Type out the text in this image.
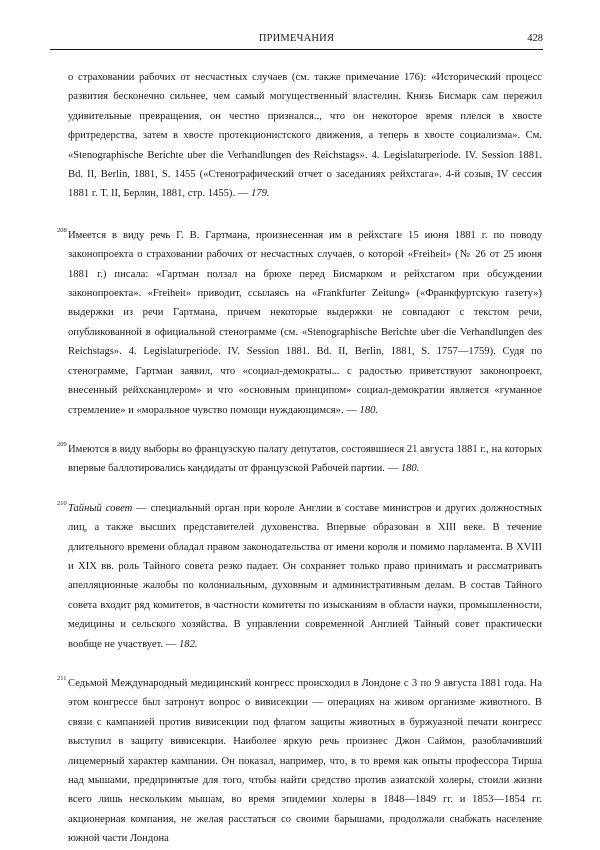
ПРИМЕЧАНИЯ	428

о страховании рабочих от несчастных случаев (см. также примечание 176): «Исторический процесс развития бесконечно сильнее, чем самый могущественный властелин. Князь Бисмарк сам пережил удивительные превращения, он честно признался.., что он некоторое время плелся в хвосте фритредерства, затем в хвосте протекционистского движения, а теперь в хвосте социализма». См. «Stenographische Berichte uber die Verhandlungen des Reichstags». 4. Legislaturperiode. IV. Session 1881. Bd. II, Berlin, 1881, S. 1455 («Стенографический отчет о заседаниях рейхстага». 4-й созыв, IV сессия 1881 г. Т. II, Берлин, 1881, стр. 1455). — 179.

208 Имеется в виду речь Г. В. Гартмана, произнесенная им в рейхстаге 15 июня 1881 г. по поводу законопроекта о страховании рабочих от несчастных случаев, о которой «Freiheit» (№ 26 от 25 июня 1881 г.) писала: «Гартман ползал на брюхе перед Бисмарком и рейхстагом при обсуждении законопроекта». «Freiheit» приводит, ссылаясь на «Frankfurter Zeitung» («Франкфуртскую газету») выдержки из речи Гартмана, причем некоторые выдержки не совпадают с текстом речи, опубликованной в официальной стенограмме (см. «Stenographische Berichte uber die Verhandlungen des Reichstags». 4. Legislaturperiode. IV. Session 1881. Bd. II, Berlin, 1881, S. 1757—1759). Судя по стенограмме, Гартман заявил, что «социал-демократы... с радостью приветствуют законопроект, внесенный рейхсканцлером» и что «основным принципом» социал-демократии является «гуманное стремление» и «моральное чувство помощи нуждающимся». — 180.

209 Имеются в виду выборы во французскую палату депутатов, состоявшиеся 21 августа 1881 г., на которых впервые баллотировались кандидаты от французской Рабочей партии. — 180.

210 Тайный совет — специальный орган при короле Англии в составе министров и других должностных лиц, а также высших представителей духовенства. Впервые образован в XIII веке. В течение длительного времени обладал правом законодательства от имени короля и помимо парламента. В XVIII и XIX вв. роль Тайного совета резко падает. Он сохраняет только право принимать и рассматривать апелляционные жалобы по колониальным, духовным и административным делам. В состав Тайного совета входит ряд комитетов, в частности комитеты по изысканиям в области науки, промышленности, медицины и сельского хозяйства. В управлении современной Англией Тайный совет практически вообще не участвует. — 182.

211 Седьмой Международный медицинский конгресс происходил в Лондоне с 3 по 9 августа 1881 года. На этом конгрессе был затронут вопрос о вивисекции — операциях на живом организме животного. В связи с кампанией против вивисекции под флагом защиты животных в буржуазной печати конгресс выступил в защиту вивисекции. Наиболее яркую речь произнес Джон Саймон, разоблачивший лицемерный характер кампании. Он показал, например, что, в то время как опыты профессора Тирша над мышами, предпринятые для того, чтобы найти средство против азиатской холеры, стоили жизни всего лишь нескольким мышам, во время эпидемии холеры в 1848—1849 гг. и 1853—1854 гг. акционерная компания, не желая расстаться со своими барышами, продолжали снабжать население южной части Лондона
